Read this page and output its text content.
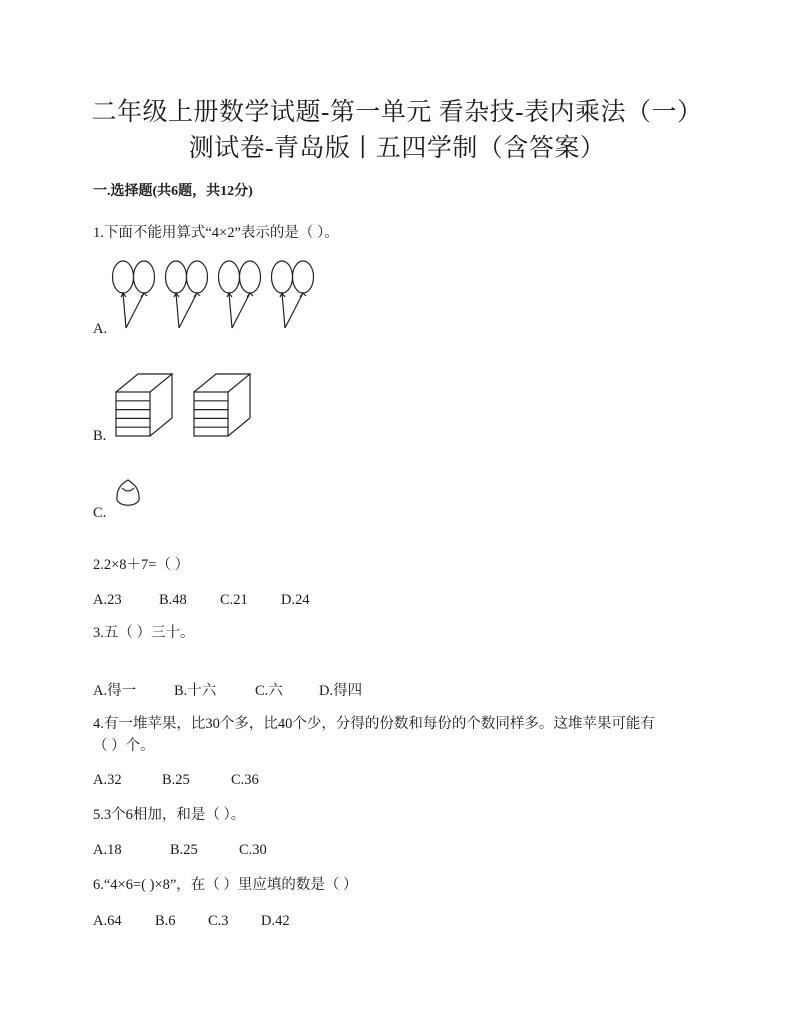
二年级上册数学试题-第一单元 看杂技-表内乘法（一）
测试卷-青岛版丨五四学制（含答案）
一.选择题(共6题，共12分)
1.下面不能用算式“4×2”表示的是（ ）。
A.
B.
C.
2.2×8＋7=（ ）
A.23	B.48 C.21 D.24
3.五（ ）三十。
A.得一	B.十六	C.六 D.得四
4.有一堆苹果，比30个多，比40个少，分得的份数和每份的个数同样多。这堆苹果可能有
（ ）个。
A.32	B.25	C.36
5.3个6相加，和是（ ）。
A.18	B.25	C.30
6.“4×6=( )×8”，在（ ）里应填的数是（ ）
A.64 B.6 C.3 D.42
